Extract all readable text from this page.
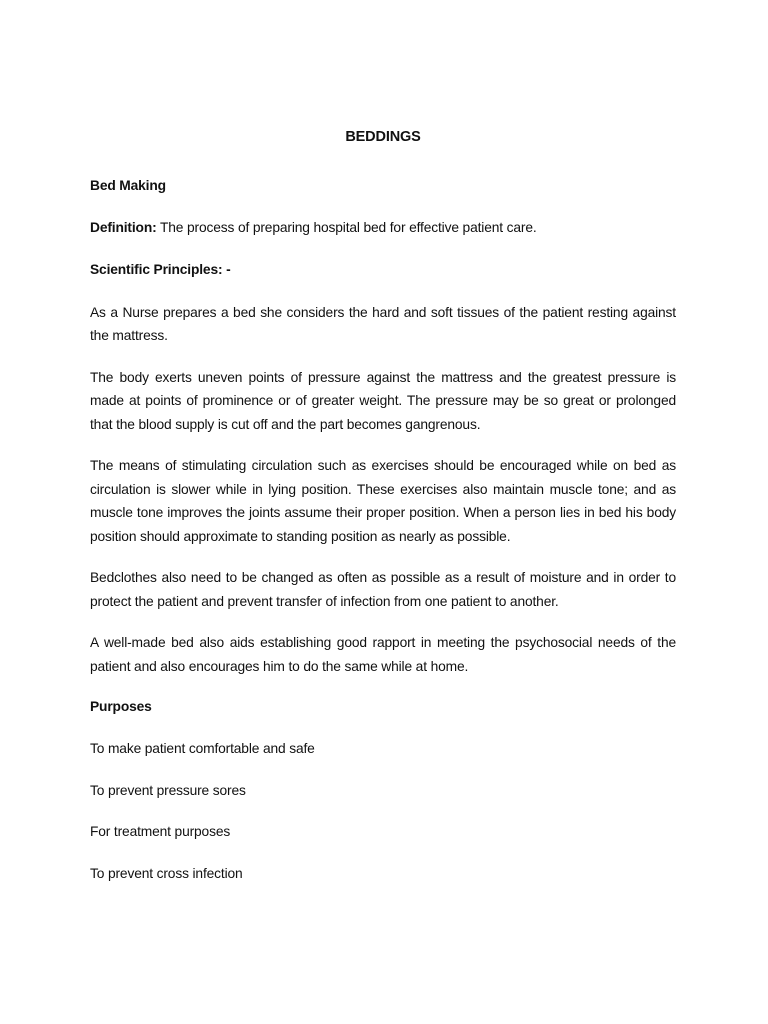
BEDDINGS
Bed Making
Definition: The process of preparing hospital bed for effective patient care.
Scientific Principles: -

As a Nurse prepares a bed she considers the hard and soft tissues of the patient resting against the mattress.

The body exerts uneven points of pressure against the mattress and the greatest pressure is made at points of prominence or of greater weight. The pressure may be so great or prolonged that the blood supply is cut off and the part becomes gangrenous.

The means of stimulating circulation such as exercises should be encouraged while on bed as circulation is slower while in lying position. These exercises also maintain muscle tone; and as muscle tone improves the joints assume their proper position. When a person lies in bed his body position should approximate to standing position as nearly as possible.

Bedclothes also need to be changed as often as possible as a result of moisture and in order to protect the patient and prevent transfer of infection from one patient to another.

A well-made bed also aids establishing good rapport in meeting the psychosocial needs of the patient and also encourages him to do the same while at home.

Purposes
To make patient comfortable and safe
To prevent pressure sores
For treatment purposes
To prevent cross infection
